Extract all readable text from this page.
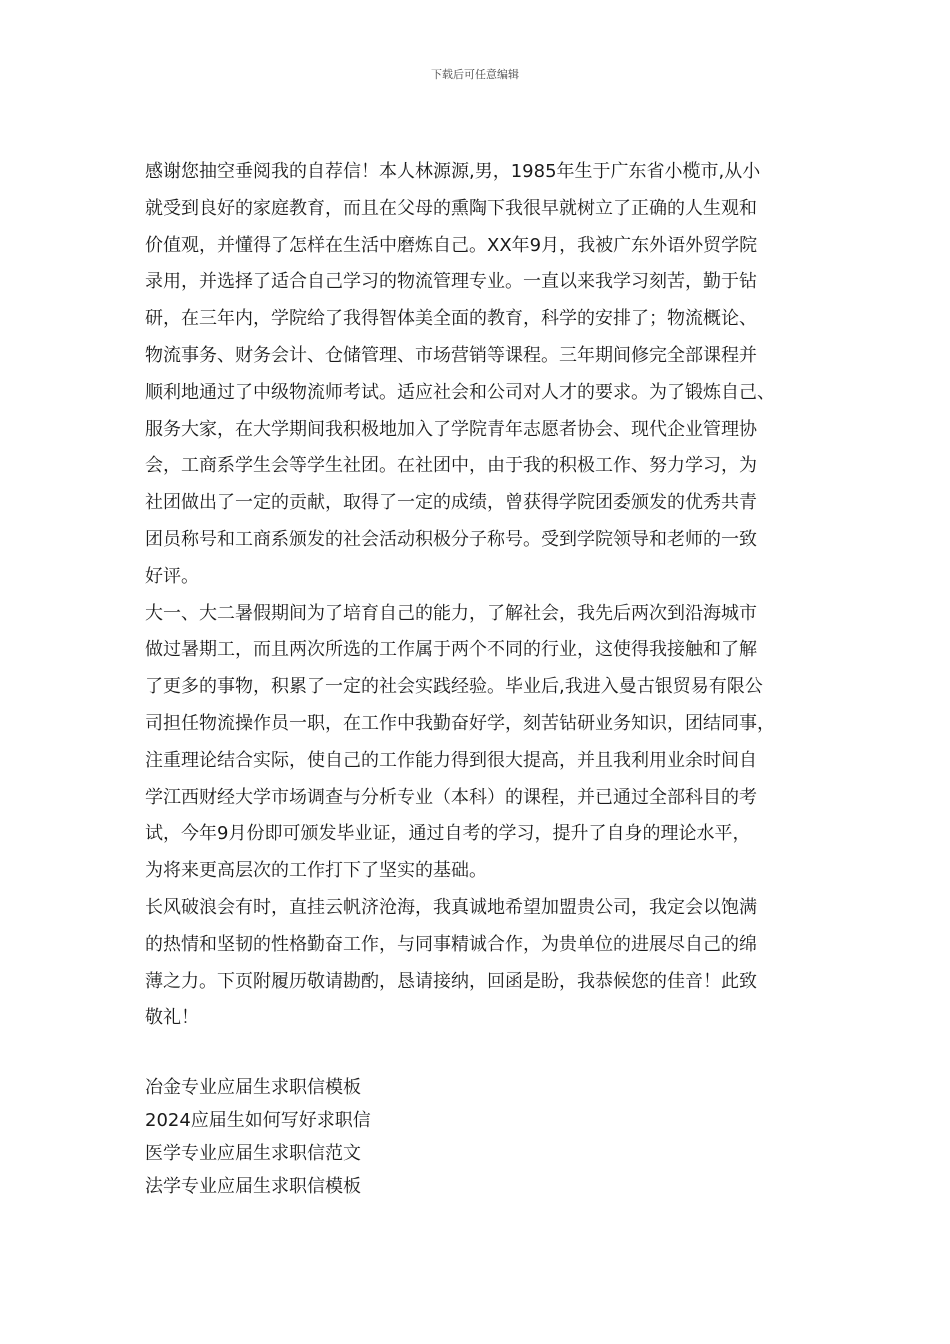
下载后可任意编辑
感谢您抽空垂阅我的自荐信！本人林源源,男，1985年生于广东省小榄市,从小
就受到良好的家庭教育，而且在父母的熏陶下我很早就树立了正确的人生观和
价值观，并懂得了怎样在生活中磨炼自己。XX年9月，我被广东外语外贸学院
录用，并选择了适合自己学习的物流管理专业。一直以来我学习刻苦，勤于钻
研，在三年内，学院给了我得智体美全面的教育，科学的安排了；物流概论、
物流事务、财务会计、仓储管理、市场营销等课程。三年期间修完全部课程并
顺利地通过了中级物流师考试。适应社会和公司对人才的要求。为了锻炼自己、
服务大家，在大学期间我积极地加入了学院青年志愿者协会、现代企业管理协
会，工商系学生会等学生社团。在社团中，由于我的积极工作、努力学习，为
社团做出了一定的贡献，取得了一定的成绩，曾获得学院团委颁发的优秀共青
团员称号和工商系颁发的社会活动积极分子称号。受到学院领导和老师的一致
好评。
大一、大二暑假期间为了培育自己的能力，了解社会，我先后两次到沿海城市
做过暑期工，而且两次所选的工作属于两个不同的行业，这使得我接触和了解
了更多的事物，积累了一定的社会实践经验。毕业后,我进入曼古银贸易有限公
司担任物流操作员一职，在工作中我勤奋好学，刻苦钻研业务知识，团结同事，
注重理论结合实际，使自己的工作能力得到很大提高，并且我利用业余时间自
学江西财经大学市场调查与分析专业（本科）的课程，并已通过全部科目的考
试，今年9月份即可颁发毕业证，通过自考的学习，提升了自身的理论水平，
为将来更高层次的工作打下了坚实的基础。
长风破浪会有时，直挂云帆济沧海，我真诚地希望加盟贵公司，我定会以饱满
的热情和坚韧的性格勤奋工作，与同事精诚合作，为贵单位的进展尽自己的绵
薄之力。下页附履历敬请勘酌，恳请接纳，回函是盼，我恭候您的佳音！此致
敬礼！
冶金专业应届生求职信模板
2024应届生如何写好求职信
医学专业应届生求职信范文
法学专业应届生求职信模板
